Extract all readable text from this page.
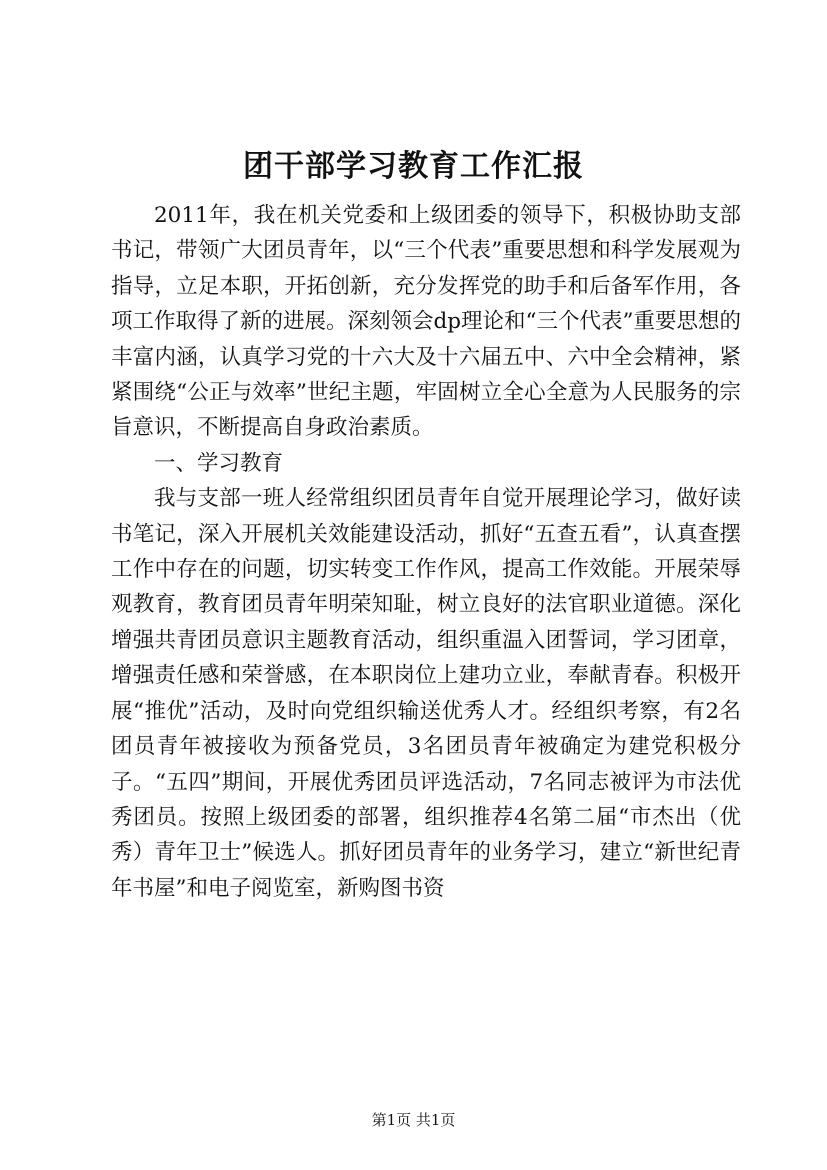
团干部学习教育工作汇报

2011年，我在机关党委和上级团委的领导下，积极协助支部书记，带领广大团员青年，以“三个代表”重要思想和科学发展观为指导，立足本职，开拓创新，充分发挥党的助手和后备军作用，各项工作取得了新的进展。深刻领会dp理论和“三个代表”重要思想的丰富内涵，认真学习党的十六大及十六届五中、六中全会精神，紧紧围绕“公正与效率”世纪主题，牢固树立全心全意为人民服务的宗旨意识，不断提高自身政治素质。

一、学习教育

我与支部一班人经常组织团员青年自觉开展理论学习，做好读书笔记，深入开展机关效能建设活动，抓好“五查五看”，认真查摆工作中存在的问题，切实转变工作作风，提高工作效能。开展荣辱观教育，教育团员青年明荣知耻，树立良好的法官职业道德。深化增强共青团员意识主题教育活动，组织重温入团誓词，学习团章，增强责任感和荣誉感，在本职岗位上建功立业，奉献青春。积极开展“推优”活动，及时向党组织输送优秀人才。经组织考察，有2名团员青年被接收为预备党员，3名团员青年被确定为建党积极分子。“五四”期间，开展优秀团员评选活动，7名同志被评为市法优秀团员。按照上级团委的部署，组织推荐4名第二届“市杰出（优秀）青年卫士”候选人。抓好团员青年的业务学习，建立“新世纪青年书屋”和电子阅览室，新购图书资

第1页 共1页
